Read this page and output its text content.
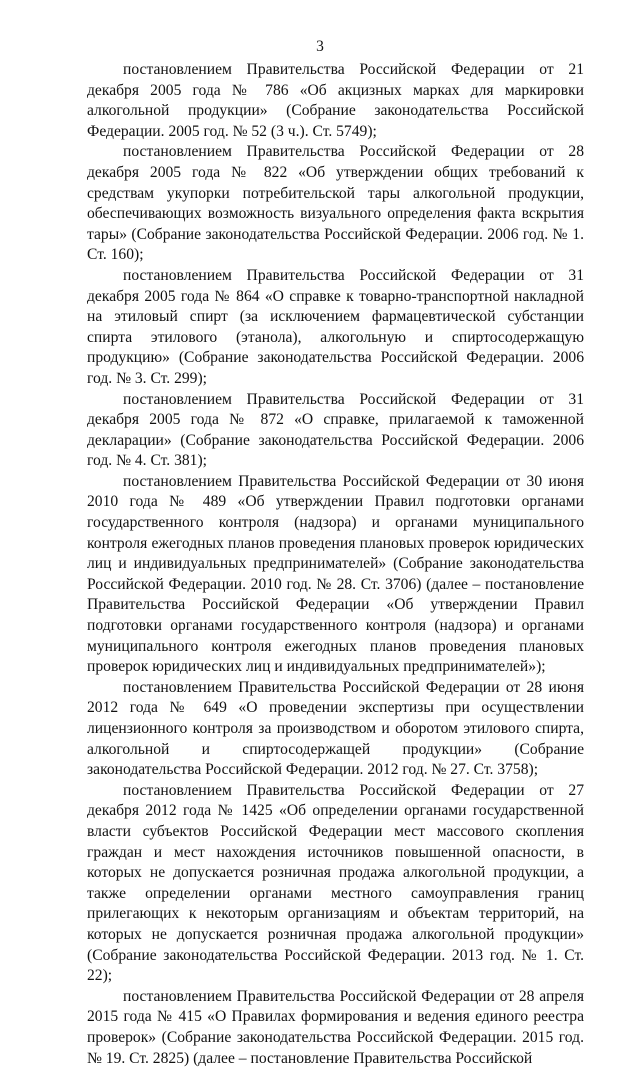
3

постановлением Правительства Российской Федерации от 21 декабря 2005 года № 786 «Об акцизных марках для маркировки алкогольной продукции» (Собрание законодательства Российской Федерации. 2005 год. № 52 (3 ч.). Ст. 5749);

постановлением Правительства Российской Федерации от 28 декабря 2005 года № 822 «Об утверждении общих требований к средствам укупорки потребительской тары алкогольной продукции, обеспечивающих возможность визуального определения факта вскрытия тары» (Собрание законодательства Российской Федерации. 2006 год. № 1. Ст. 160);

постановлением Правительства Российской Федерации от 31 декабря 2005 года № 864 «О справке к товарно-транспортной накладной на этиловый спирт (за исключением фармацевтической субстанции спирта этилового (этанола), алкогольную и спиртосодержащую продукцию» (Собрание законодательства Российской Федерации. 2006 год. № 3. Ст. 299);

постановлением Правительства Российской Федерации от 31 декабря 2005 года № 872 «О справке, прилагаемой к таможенной декларации» (Собрание законодательства Российской Федерации. 2006 год. № 4. Ст. 381);

постановлением Правительства Российской Федерации от 30 июня 2010 года № 489 «Об утверждении Правил подготовки органами государственного контроля (надзора) и органами муниципального контроля ежегодных планов проведения плановых проверок юридических лиц и индивидуальных предпринимателей» (Собрание законодательства Российской Федерации. 2010 год. № 28. Ст. 3706) (далее – постановление Правительства Российской Федерации «Об утверждении Правил подготовки органами государственного контроля (надзора) и органами муниципального контроля ежегодных планов проведения плановых проверок юридических лиц и индивидуальных предпринимателей»);

постановлением Правительства Российской Федерации от 28 июня 2012 года № 649 «О проведении экспертизы при осуществлении лицензионного контроля за производством и оборотом этилового спирта, алкогольной и спиртосодержащей продукции» (Собрание законодательства Российской Федерации. 2012 год. № 27. Ст. 3758);

постановлением Правительства Российской Федерации от 27 декабря 2012 года № 1425 «Об определении органами государственной власти субъектов Российской Федерации мест массового скопления граждан и мест нахождения источников повышенной опасности, в которых не допускается розничная продажа алкогольной продукции, а также определении органами местного самоуправления границ прилегающих к некоторым организациям и объектам территорий, на которых не допускается розничная продажа алкогольной продукции» (Собрание законодательства Российской Федерации. 2013 год. № 1. Ст. 22);

постановлением Правительства Российской Федерации от 28 апреля 2015 года № 415 «О Правилах формирования и ведения единого реестра проверок» (Собрание законодательства Российской Федерации. 2015 год. № 19. Ст. 2825) (далее – постановление Правительства Российской
